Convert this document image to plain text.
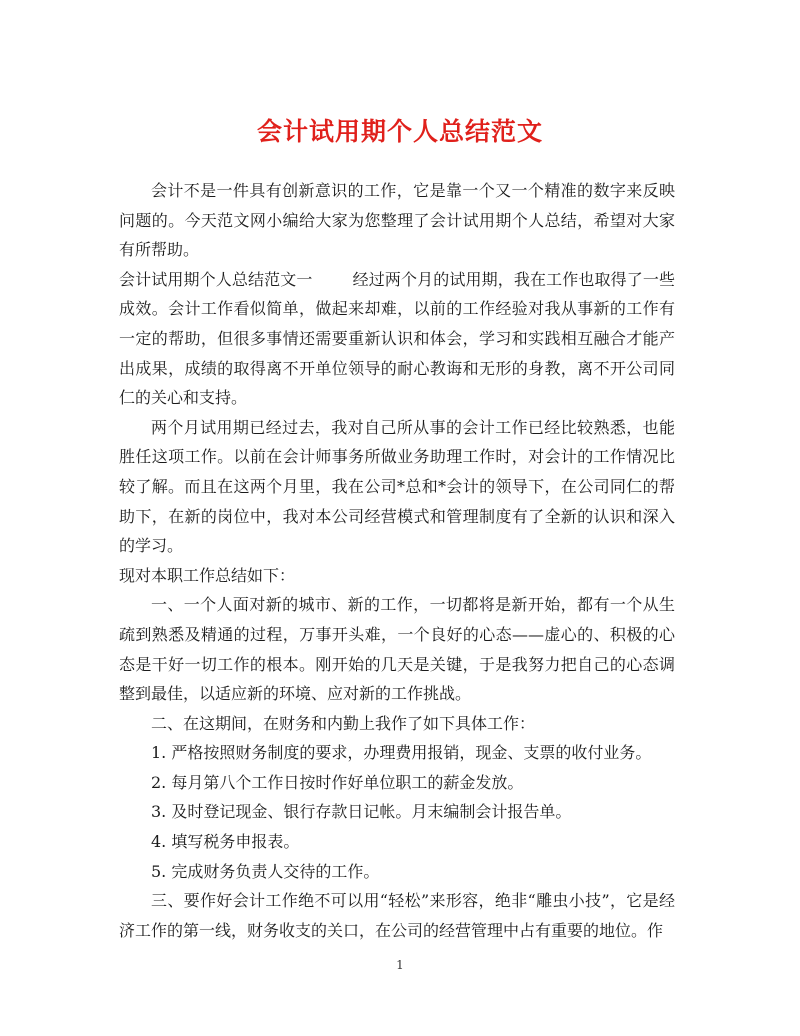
会计试用期个人总结范文

会计不是一件具有创新意识的工作，它是靠一个又一个精准的数字来反映问题的。今天范文网小编给大家为您整理了会计试用期个人总结，希望对大家有所帮助。

会计试用期个人总结范文一	经过两个月的试用期，我在工作也取得了一些成效。会计工作看似简单，做起来却难，以前的工作经验对我从事新的工作有一定的帮助，但很多事情还需要重新认识和体会，学习和实践相互融合才能产出成果，成绩的取得离不开单位领导的耐心教诲和无形的身教，离不开公司同仁的关心和支持。

两个月试用期已经过去，我对自己所从事的会计工作已经比较熟悉，也能胜任这项工作。以前在会计师事务所做业务助理工作时，对会计的工作情况比较了解。而且在这两个月里，我在公司*总和*会计的领导下，在公司同仁的帮助下，在新的岗位中，我对本公司经营模式和管理制度有了全新的认识和深入的学习。

现对本职工作总结如下：

一、一个人面对新的城市、新的工作，一切都将是新开始，都有一个从生疏到熟悉及精通的过程，万事开头难，一个良好的心态——虚心的、积极的心态是干好一切工作的根本。刚开始的几天是关键，于是我努力把自己的心态调整到最佳，以适应新的环境、应对新的工作挑战。

二、在这期间，在财务和内勤上我作了如下具体工作：

1. 严格按照财务制度的要求，办理费用报销，现金、支票的收付业务。

2. 每月第八个工作日按时作好单位职工的薪金发放。

3. 及时登记现金、银行存款日记帐。月末编制会计报告单。

4. 填写税务申报表。

5. 完成财务负责人交待的工作。

三、要作好会计工作绝不可以用“轻松”来形容，绝非“雕虫小技”，它是经济工作的第一线，财务收支的关口，在公司的经营管理中占有重要的地位。作

1
